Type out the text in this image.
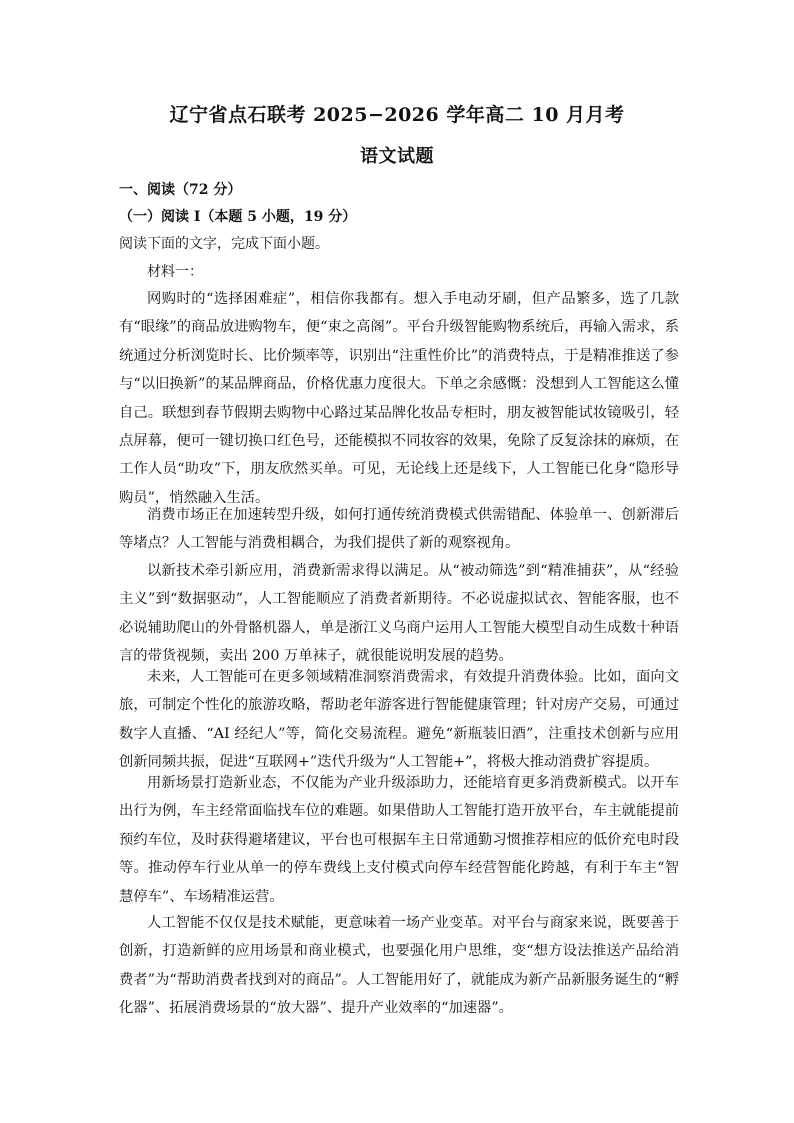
辽宁省点石联考 2025−2026 学年高二 10 月月考
语文试题
一、阅读（72 分）
（一）阅读 I（本题 5 小题，19 分）
阅读下面的文字，完成下面小题。
材料一：

网购时的“选择困难症”，相信你我都有。想入手电动牙刷，但产品繁多，选了几款有“眼缘”的商品放进购物车，便“束之高阁”。平台升级智能购物系统后，再输入需求，系统通过分析浏览时长、比价频率等，识别出“注重性价比”的消费特点，于是精准推送了参与“以旧换新”的某品牌商品，价格优惠力度很大。下单之余感慨：没想到人工智能这么懂自己。联想到春节假期去购物中心路过某品牌化妆品专柜时，朋友被智能试妆镜吸引，轻点屏幕，便可一键切换口红色号，还能模拟不同妆容的效果，免除了反复涂抹的麻烦，在工作人员“助攻”下，朋友欣然买单。可见，无论线上还是线下，人工智能已化身“隐形导购员”，悄然融入生活。

消费市场正在加速转型升级，如何打通传统消费模式供需错配、体验单一、创新滞后等堵点？人工智能与消费相耦合，为我们提供了新的观察视角。

以新技术牵引新应用，消费新需求得以满足。从“被动筛选”到“精准捕获”，从“经验主义”到“数据驱动”，人工智能顺应了消费者新期待。不必说虚拟试衣、智能客服，也不必说辅助爬山的外骨骼机器人，单是浙江义乌商户运用人工智能大模型自动生成数十种语言的带货视频，卖出 200 万单袜子，就很能说明发展的趋势。

未来，人工智能可在更多领域精准洞察消费需求，有效提升消费体验。比如，面向文旅，可制定个性化的旅游攻略，帮助老年游客进行智能健康管理；针对房产交易，可通过数字人直播、“AI 经纪人”等，简化交易流程。避免“新瓶装旧酒”，注重技术创新与应用创新同频共振，促进“互联网+”迭代升级为“人工智能+”，将极大推动消费扩容提质。

用新场景打造新业态，不仅能为产业升级添助力，还能培育更多消费新模式。以开车出行为例，车主经常面临找车位的难题。如果借助人工智能打造开放平台，车主就能提前预约车位，及时获得避堵建议，平台也可根据车主日常通勤习惯推荐相应的低价充电时段等。推动停车行业从单一的停车费线上支付模式向停车经营智能化跨越，有利于车主“智慧停车”、车场精准运营。

人工智能不仅仅是技术赋能，更意味着一场产业变革。对平台与商家来说，既要善于创新，打造新鲜的应用场景和商业模式，也要强化用户思维，变“想方设法推送产品给消费者”为“帮助消费者找到对的商品”。人工智能用好了，就能成为新产品新服务诞生的“孵化器”、拓展消费场景的“放大器”、提升产业效率的“加速器”。
